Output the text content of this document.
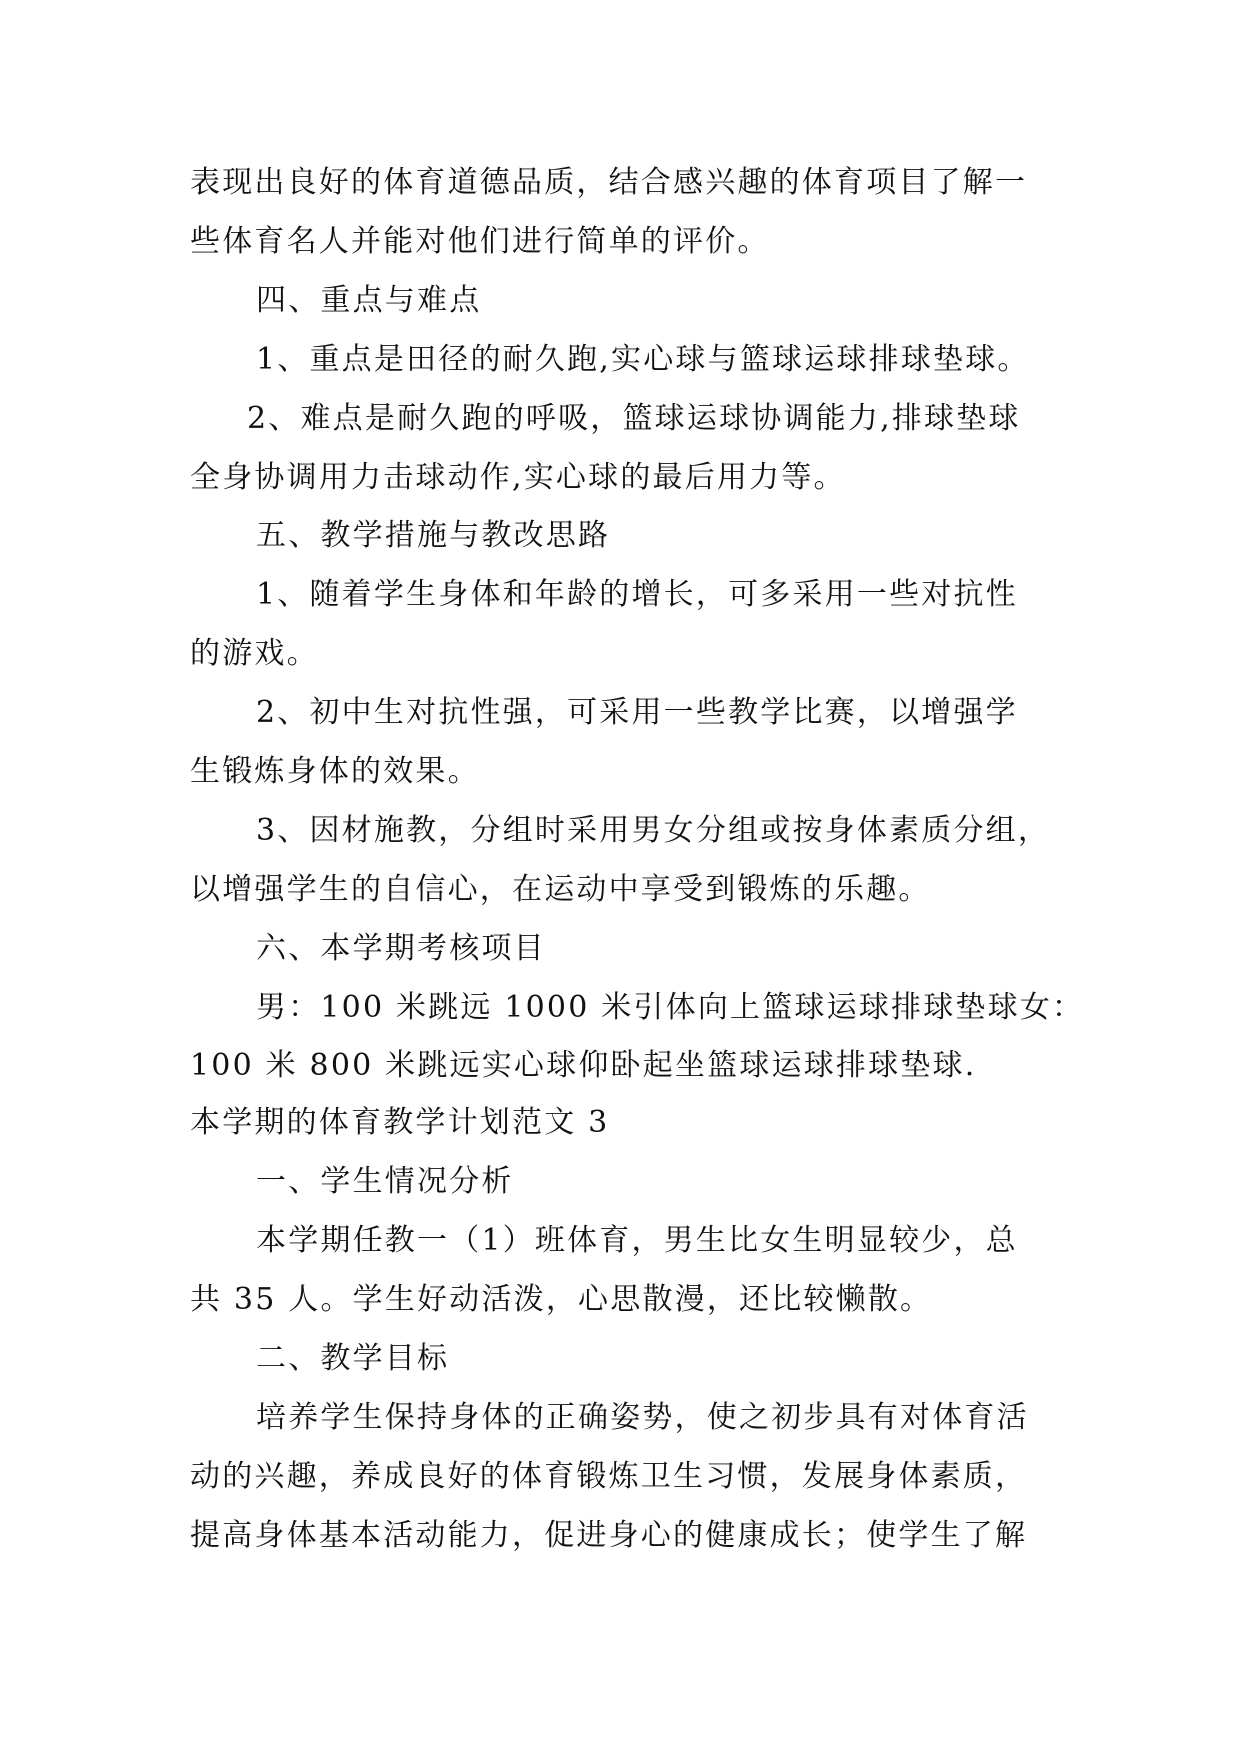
表现出良好的体育道德品质，结合感兴趣的体育项目了解一

些体育名人并能对他们进行简单的评价。

四、重点与难点

1、重点是田径的耐久跑,实心球与篮球运球排球垫球。

2、难点是耐久跑的呼吸，篮球运球协调能力,排球垫球

全身协调用力击球动作,实心球的最后用力等。

五、教学措施与教改思路

1、随着学生身体和年龄的增长，可多采用一些对抗性

的游戏。

2、初中生对抗性强，可采用一些教学比赛，以增强学

生锻炼身体的效果。

3、因材施教，分组时采用男女分组或按身体素质分组，

以增强学生的自信心，在运动中享受到锻炼的乐趣。

六、本学期考核项目

男：100 米跳远 1000 米引体向上篮球运球排球垫球女：

100 米 800 米跳远实心球仰卧起坐篮球运球排球垫球.

本学期的体育教学计划范文 3

一、学生情况分析

本学期任教一（1）班体育，男生比女生明显较少，总

共 35 人。学生好动活泼，心思散漫，还比较懒散。

二、教学目标

培养学生保持身体的正确姿势，使之初步具有对体育活

动的兴趣，养成良好的体育锻炼卫生习惯，发展身体素质，

提高身体基本活动能力，促进身心的健康成长；使学生了解
